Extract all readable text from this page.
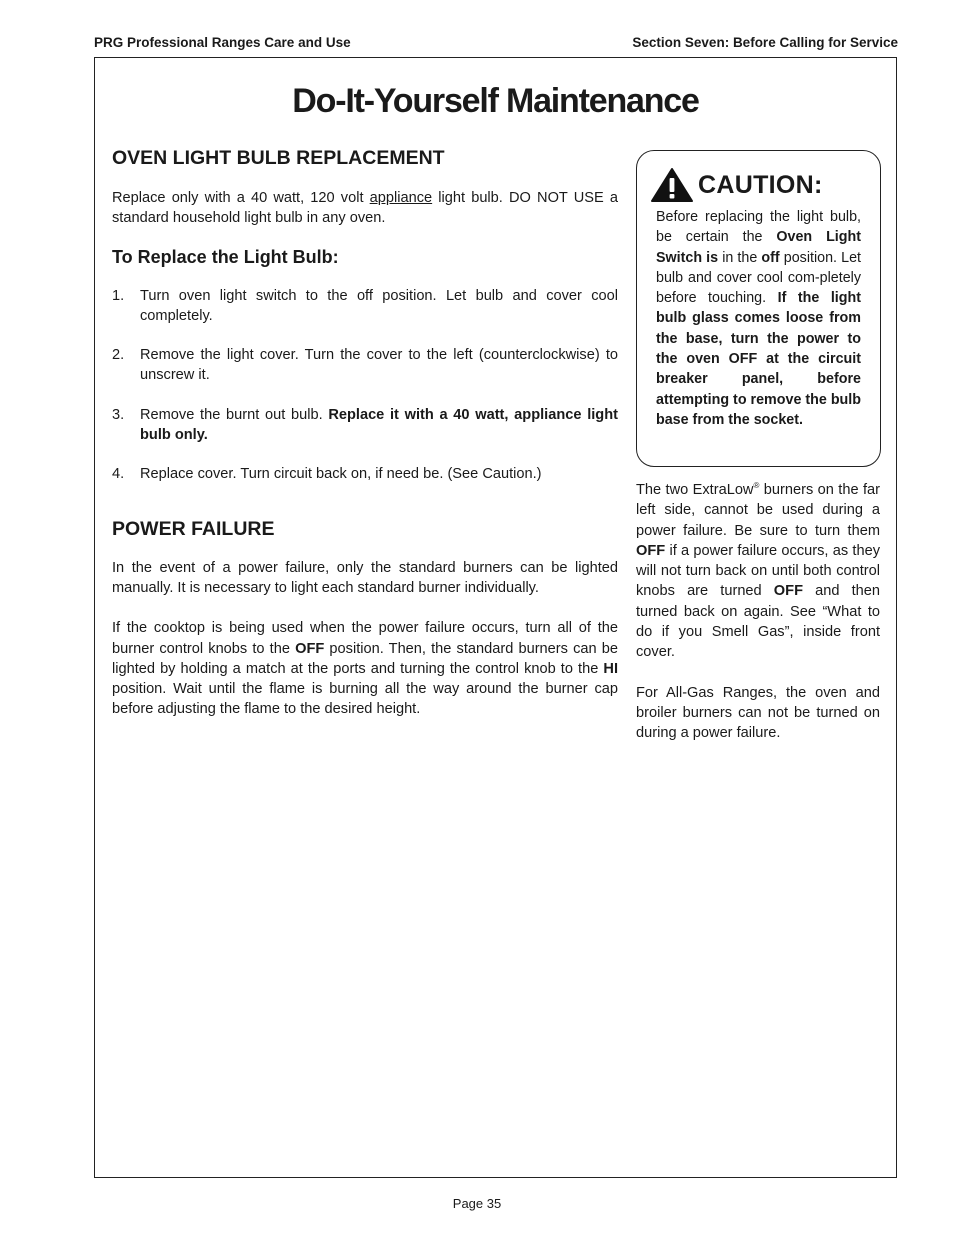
PRG Professional Ranges Care and Use	Section Seven: Before Calling for Service
Do-It-Yourself Maintenance
OVEN LIGHT BULB REPLACEMENT

Replace only with a 40 watt, 120 volt appliance light bulb. DO NOT USE a standard household light bulb in any oven.

To Replace the Light Bulb:
1. Turn oven light switch to the off position. Let bulb and cover cool completely.
2. Remove the light cover. Turn the cover to the left (counterclockwise) to unscrew it.
3. Remove the burnt out bulb. Replace it with a 40 watt, appliance light bulb only.
4. Replace cover. Turn circuit back on, if need be. (See Caution.)
POWER FAILURE

In the event of a power failure, only the standard burners can be lighted manually. It is necessary to light each standard burner individually.

If the cooktop is being used when the power failure occurs, turn all of the burner control knobs to the OFF position. Then, the standard burners can be lighted by holding a match at the ports and turning the control knob to the HI position. Wait until the flame is burning all the way around the burner cap before adjusting the flame to the desired height.

CAUTION:

Before replacing the light bulb, be certain the Oven Light Switch is in the off position. Let bulb and cover cool com-pletely before touching. If the light bulb glass comes loose from the base, turn the power to the oven OFF at the circuit breaker panel, before attempting to remove the bulb base from the socket.

The two ExtraLow® burners on the far left side, cannot be used during a power failure. Be sure to turn them OFF if a power failure occurs, as they will not turn back on until both control knobs are turned OFF and then turned back on again. See “What to do if you Smell Gas”, inside front cover.

For All-Gas Ranges, the oven and broiler burners can not be turned on during a power failure.

Page 35
